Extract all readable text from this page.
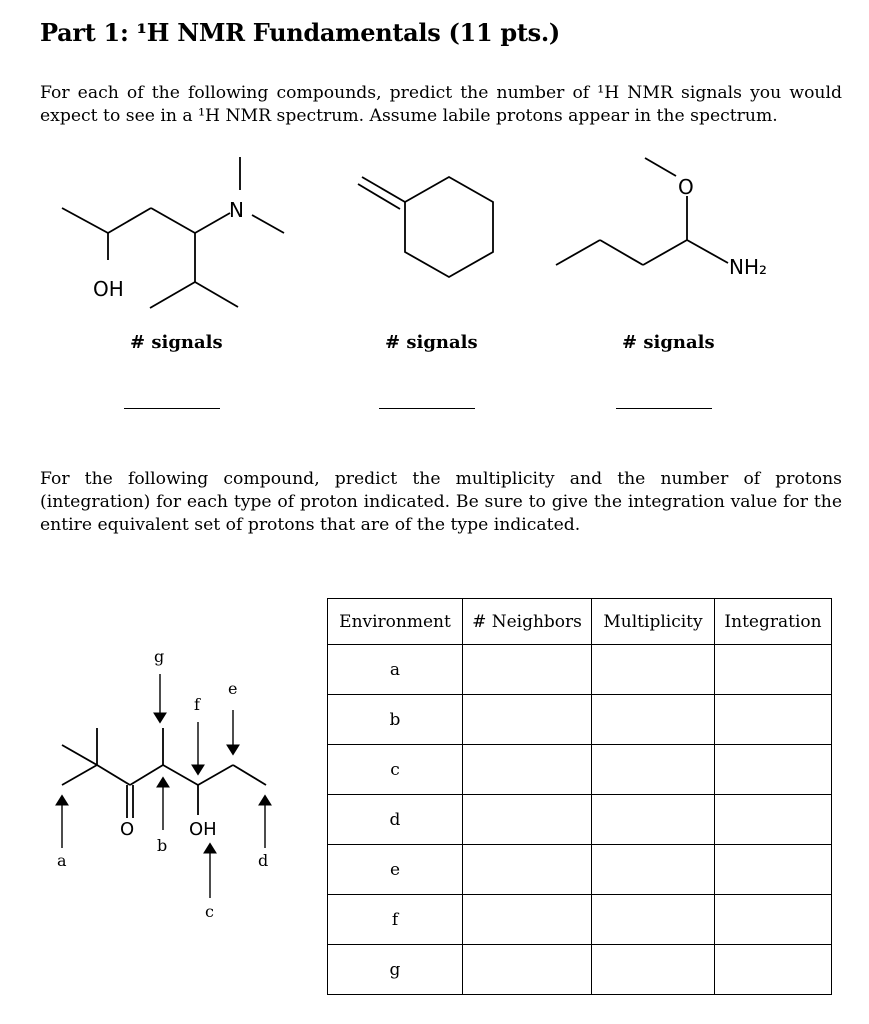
Part 1: ¹H NMR Fundamentals (11 pts.)

For each of the following compounds, predict the number of ¹H NMR signals you would expect to see in a ¹H NMR spectrum. Assume labile protons appear in the spectrum.

OH
N
O
NH₂
O	OH
a
b
c
d
e
f
g
# signals	# signals	# signals

For the following compound, predict the multiplicity and the number of protons (integration) for each type of proton indicated. Be sure to give the integration value for the entire equivalent set of protons that are of the type indicated.

Environment	# Neighbors	Multiplicity	Integration
a			
b			
c			
d			
e			
f			
g			
